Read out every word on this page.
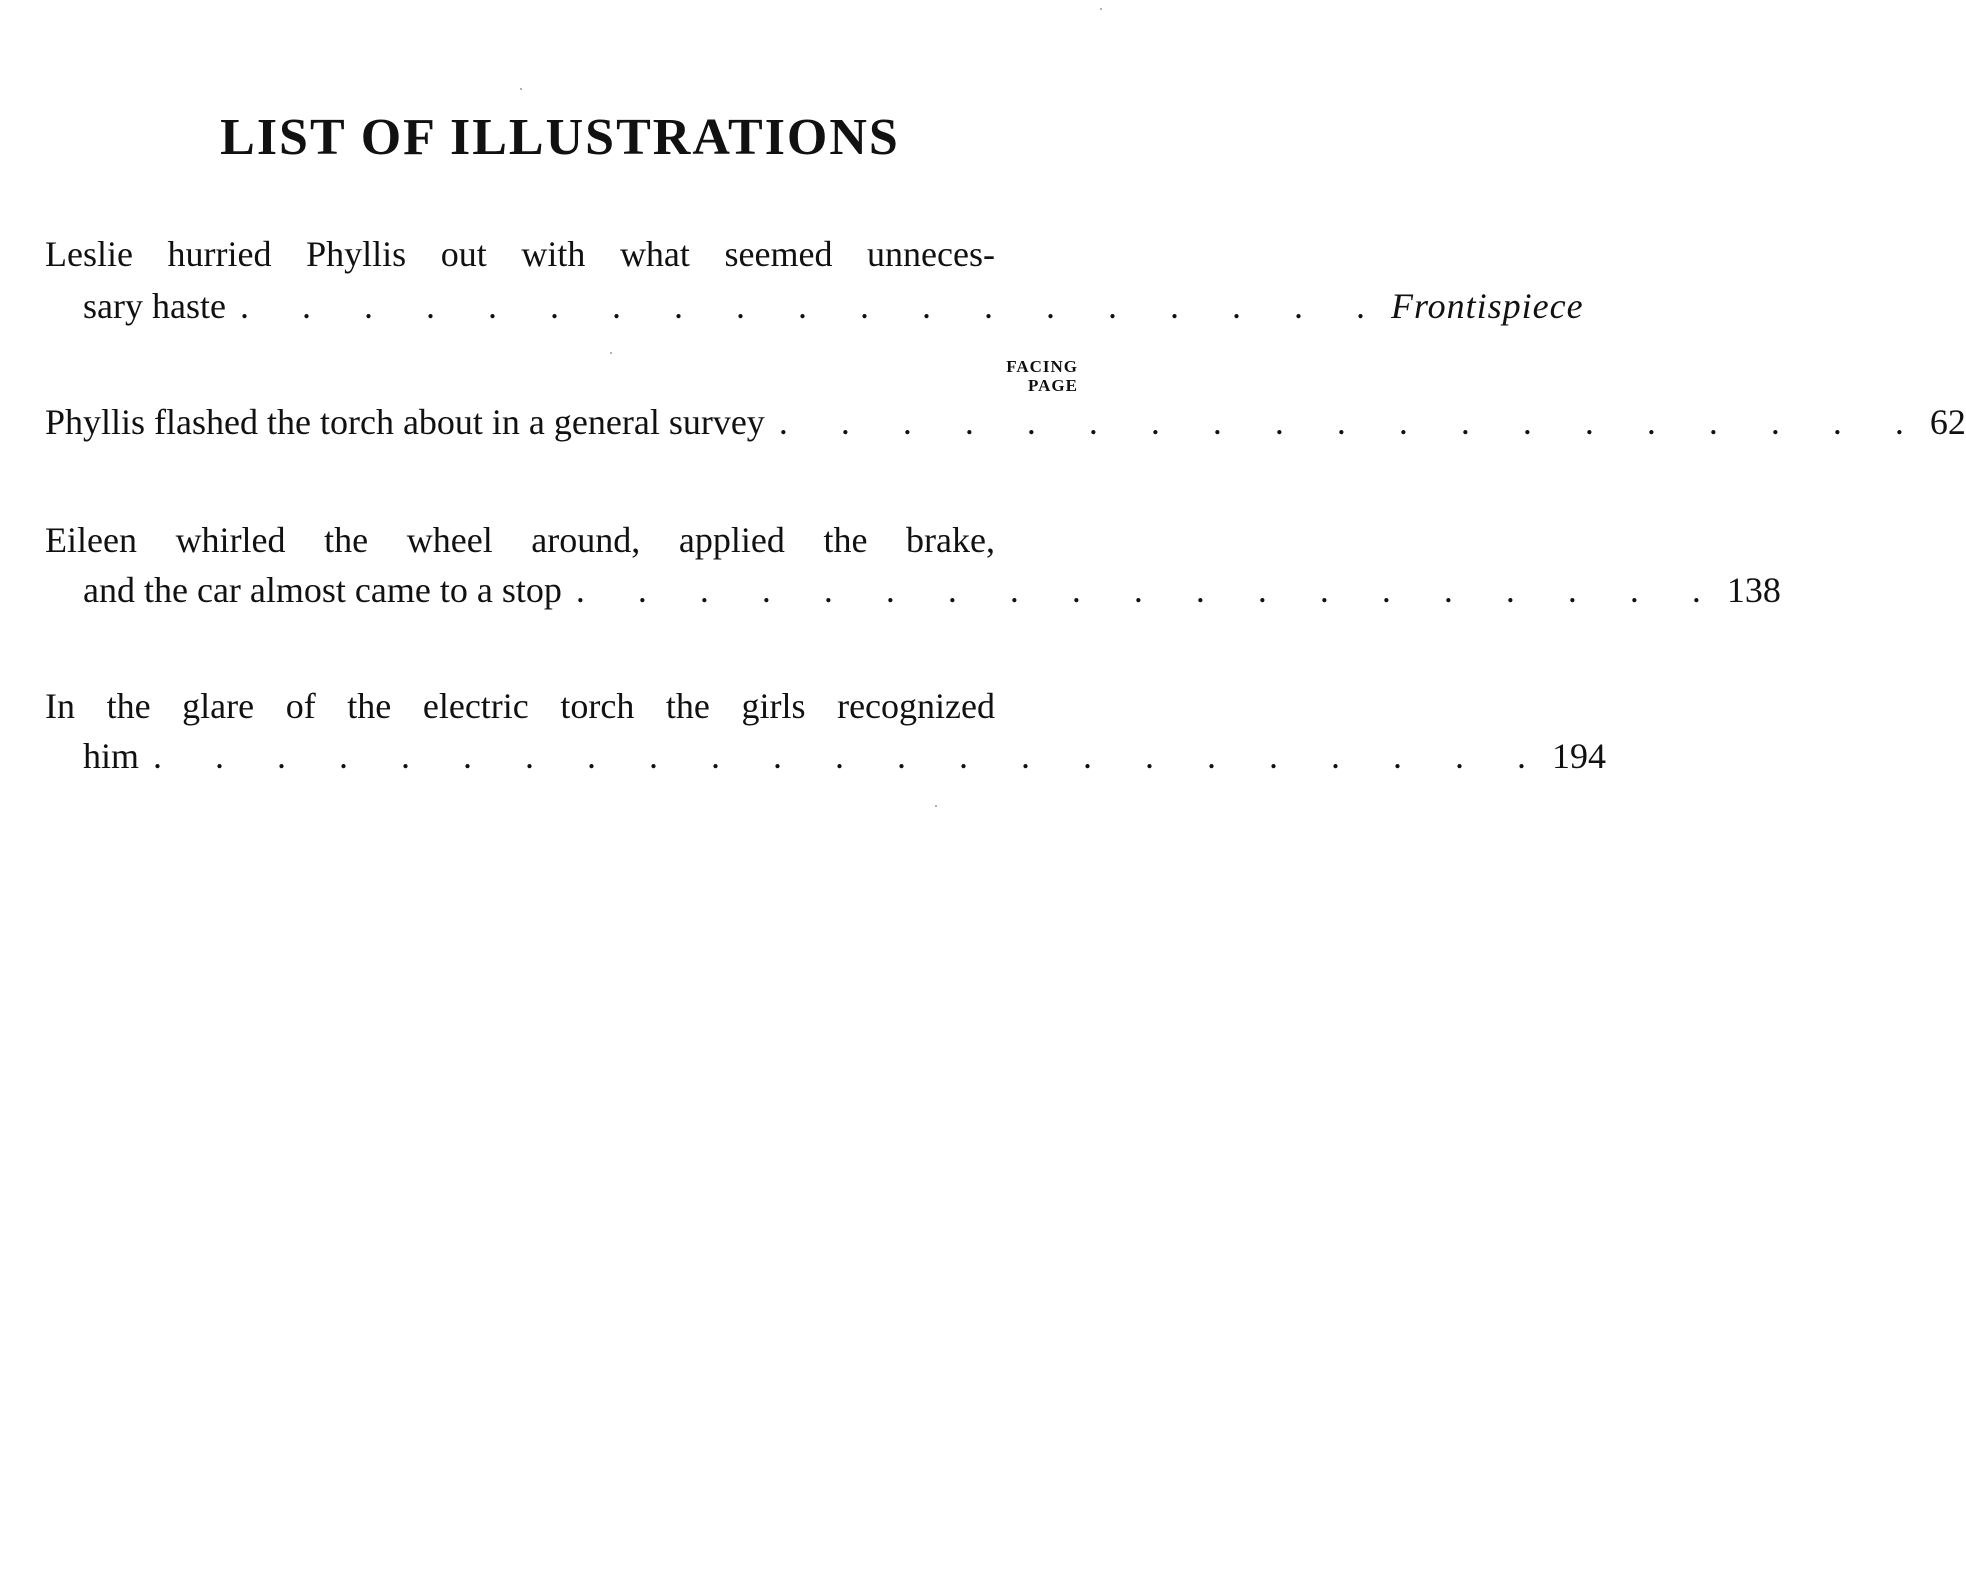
LIST OF ILLUSTRATIONS
Leslie hurried Phyllis out with what seemed unneces-
sary haste . . . . . . . . . . . . . . . . . . . Frontispiece
FACING
PAGE
Phyllis flashed the torch about in a general survey . . . . . . . . . . . . . . . . . . . 62
Eileen whirled the wheel around, applied the brake,
and the car almost came to a stop . . . . . . . . . . . . . . . . . . . 138
In the glare of the electric torch the girls recognized
him . . . . . . . . . . . . . . . . . . . . . . . 194
